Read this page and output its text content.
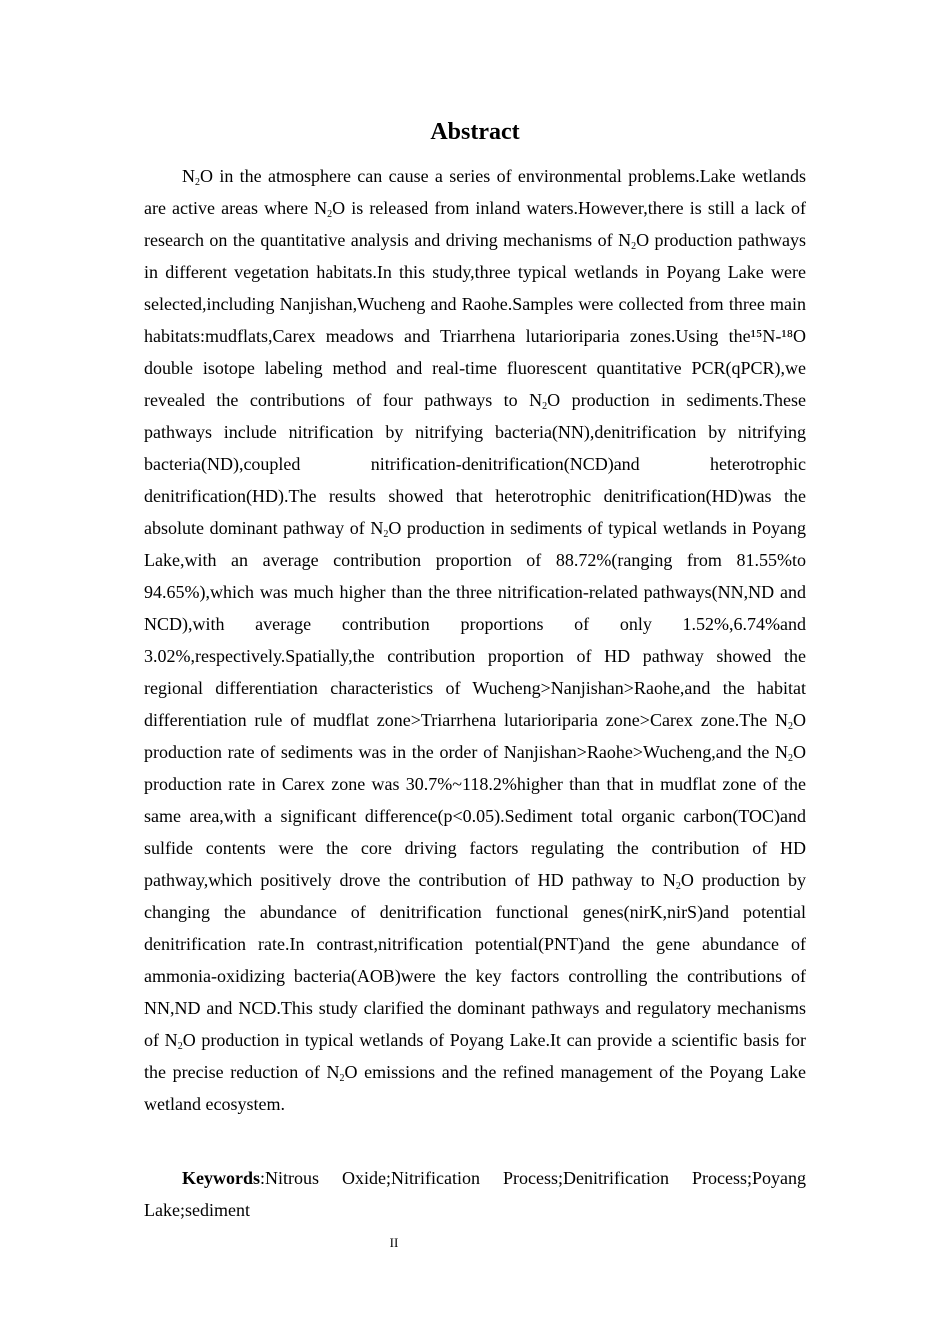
Abstract

$N_2O$ in the atmosphere can cause a series of environmental problems.Lake wetlands are active areas where $N_2O$ is released from inland waters.However,there is still a lack of research on the quantitative analysis and driving mechanisms of $N_2O$ production pathways in different vegetation habitats.In this study,three typical wetlands in Poyang Lake were selected,including Nanjishan,Wucheng and Raohe.Samples were collected from three main habitats:mudflats,Carex meadows and Triarrhena lutarioriparia zones.Using the¹⁵N-¹⁸O double isotope labeling method and real-time fluorescent quantitative PCR(qPCR),we revealed the contributions of four pathways to $N_2O$ production in sediments.These pathways include nitrification by nitrifying bacteria(NN),denitrification by nitrifying bacteria(ND),coupled nitrification-denitrification(NCD)and heterotrophic denitrification(HD).The results showed that heterotrophic denitrification(HD)was the absolute dominant pathway of $N_2O$ production in sediments of typical wetlands in Poyang Lake,with an average contribution proportion of 88.72%(ranging from 81.55%to 94.65%),which was much higher than the three nitrification-related pathways(NN,ND and NCD),with average contribution proportions of only 1.52%,6.74%and 3.02%,respectively.Spatially,the contribution proportion of HD pathway showed the regional differentiation characteristics of Wucheng>Nanjishan>Raohe,and the habitat differentiation rule of mudflat zone>Triarrhena lutarioriparia zone>Carex zone.The $N_2O$ production rate of sediments was in the order of Nanjishan>Raohe>Wucheng,and the $N_2O$ production rate in Carex zone was 30.7%~118.2%higher than that in mudflat zone of the same area,with a significant difference(p<0.05).Sediment total organic carbon(TOC)and sulfide contents were the core driving factors regulating the contribution of HD pathway,which positively drove the contribution of HD pathway to $N_2O$ production by changing the abundance of denitrification functional genes(nirK,nirS)and potential denitrification rate.In contrast,nitrification potential(PNT)and the gene abundance of ammonia-oxidizing bacteria(AOB)were the key factors controlling the contributions of NN,ND and NCD.This study clarified the dominant pathways and regulatory mechanisms of $N_2O$ production in typical wetlands of Poyang Lake.It can provide a scientific basis for the precise reduction of $N_2O$ emissions and the refined management of the Poyang Lake wetland ecosystem.

Keywords:Nitrous Oxide;Nitrification Process;Denitrification Process;Poyang Lake;sediment

II
